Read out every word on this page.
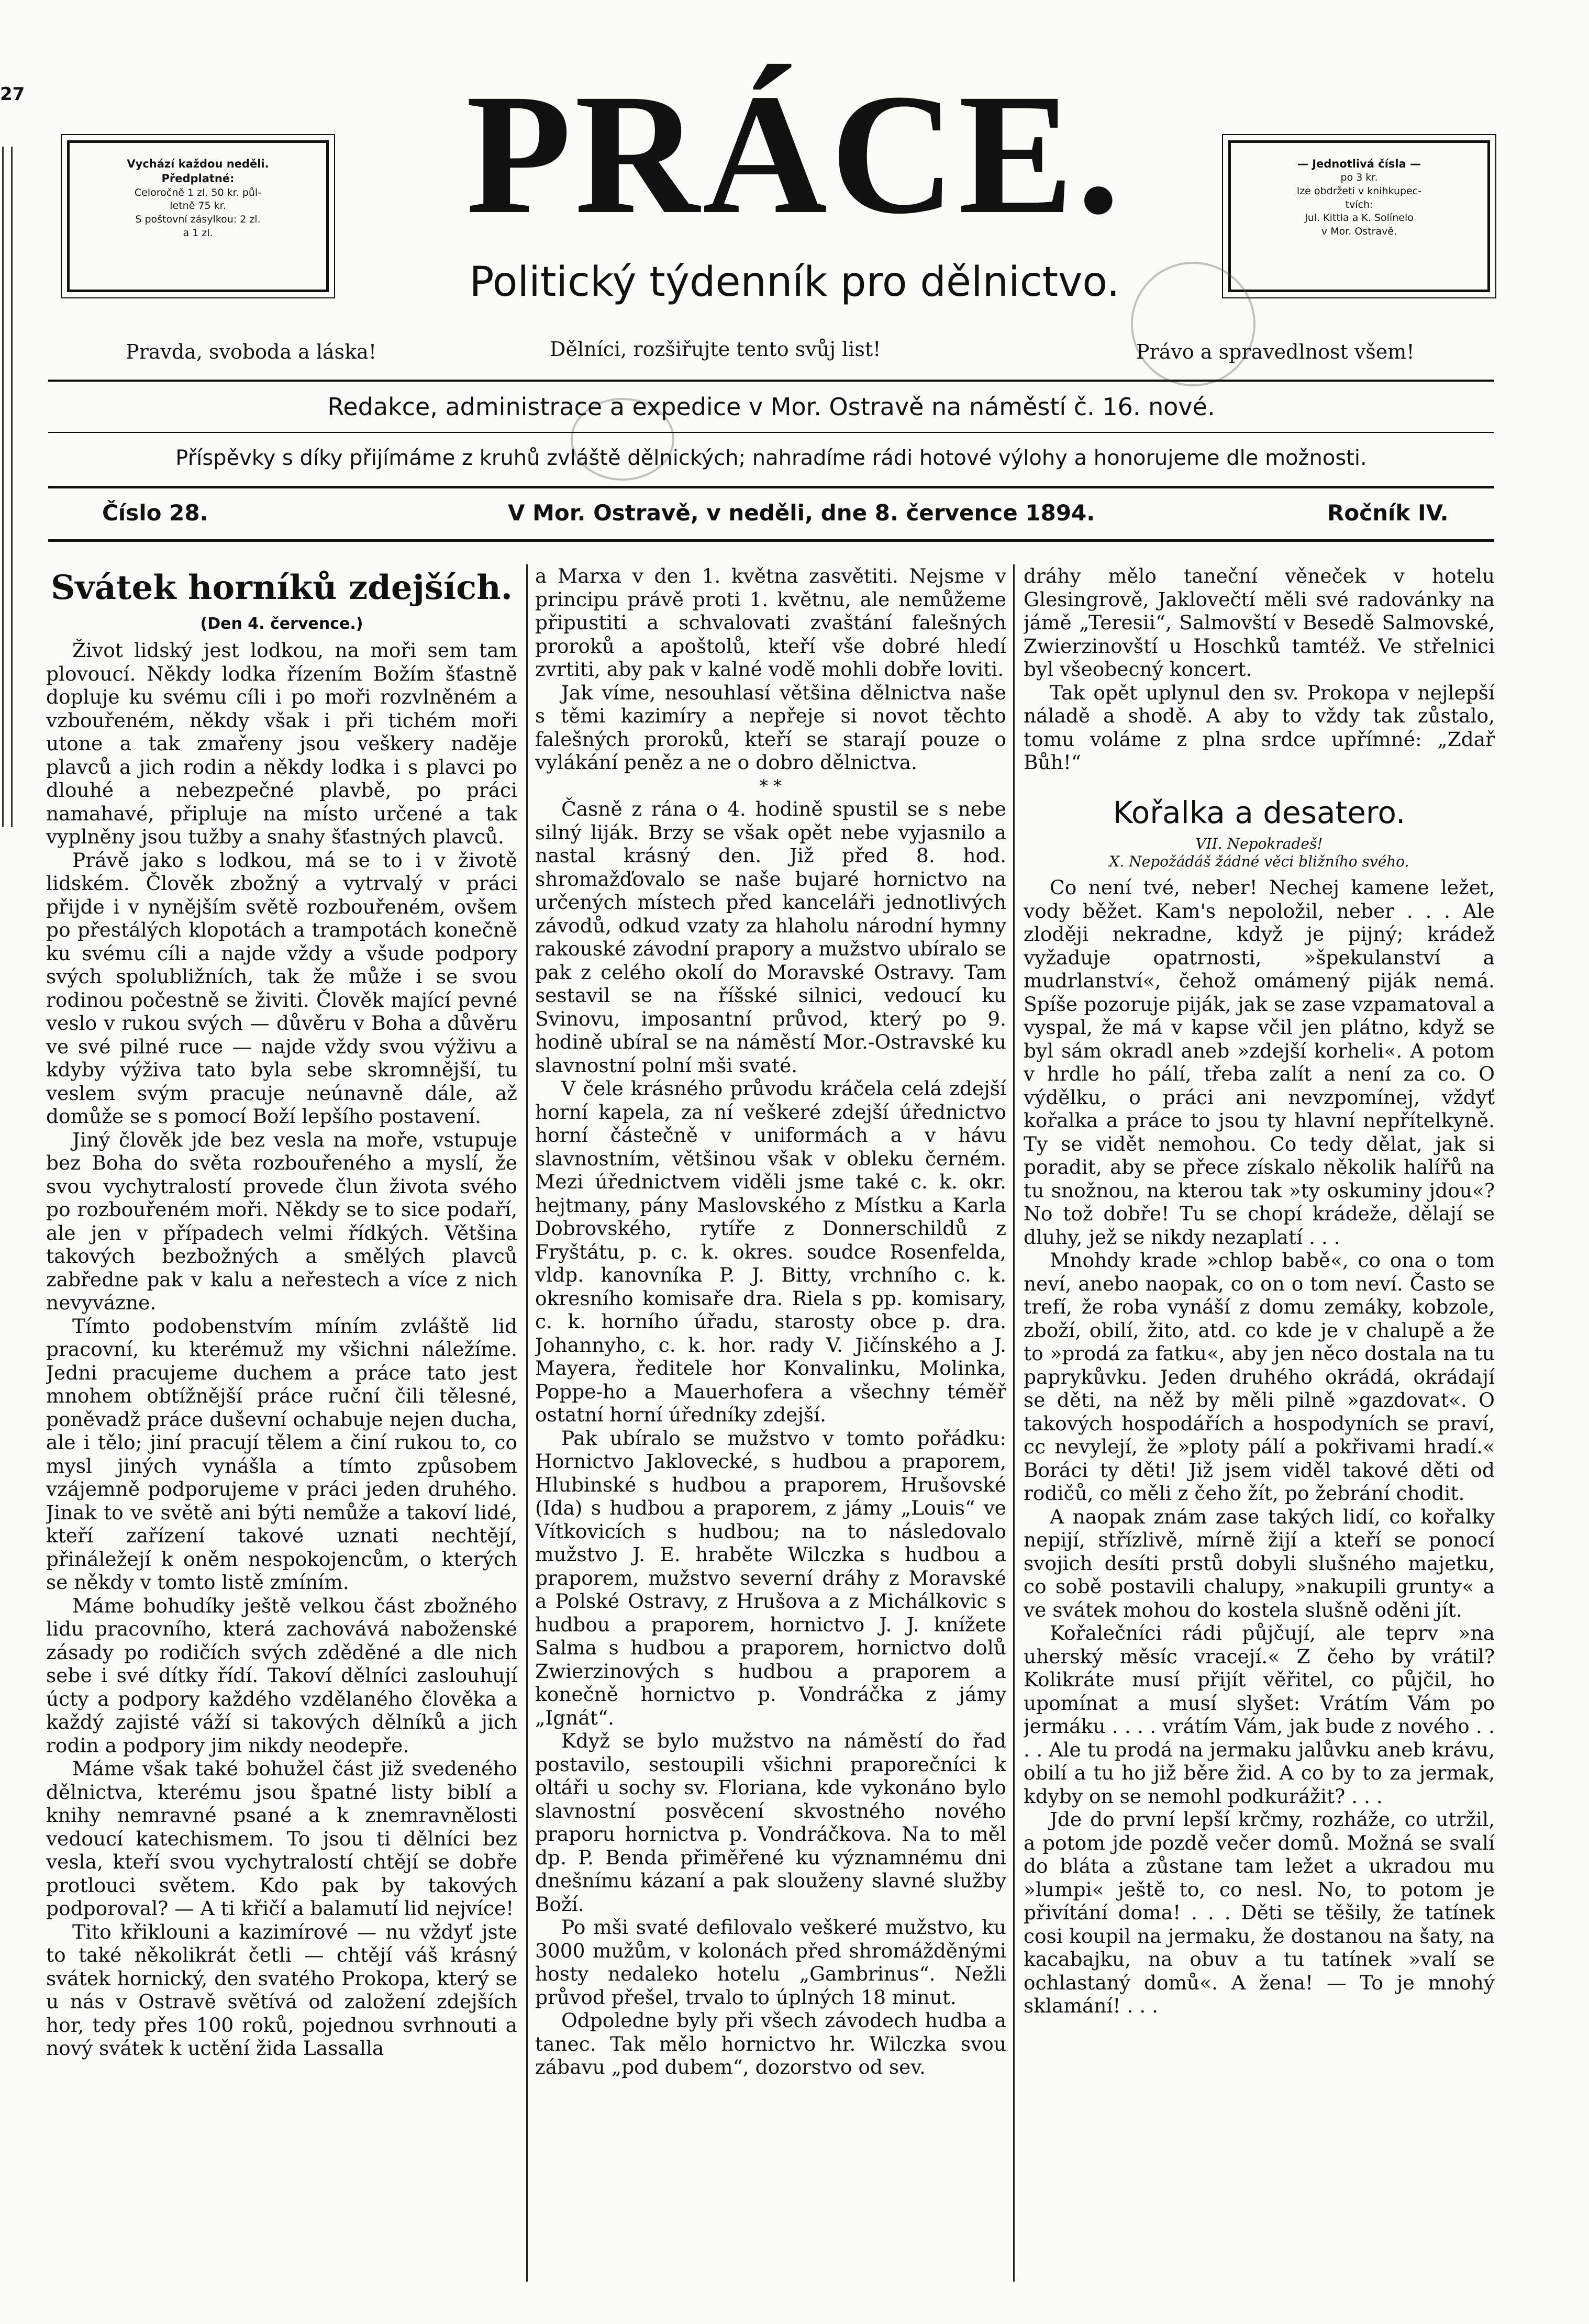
27
Vychází každou neděli.
Předplatné:
Celoročně 1 zl. 50 kr. půl-
letně 75 kr.
S poštovní zásylkou: 2 zl.
a 1 zl.
— Jednotlivá čísla —
po 3 kr.
lze obdržeti v knihkupec-
tvích:
Jul. Kittla a K. Solínelo
v Mor. Ostravě.
PRÁCE.
Politický týdenník pro dělnictvo.
Pravda, svoboda a láska!	Dělníci, rozšiřujte tento svůj list!	Právo a spravedlnost všem!
Redakce, administrace a expedice v Mor. Ostravě na náměstí č. 16. nové.
Příspěvky s díky přijímáme z kruhů zvláště dělnických; nahradíme rádi hotové výlohy a honorujeme dle možnosti.
Číslo 28.	V Mor. Ostravě, v neděli, dne 8. července 1894.	Ročník IV.
Svátek horníků zdejších.
(Den 4. července.)

Život lidský jest lodkou, na moři sem tam plovoucí. Někdy lodka řízením Božím šťastně dopluje ku svému cíli i po moři rozvlněném a vzbouřeném, někdy však i při tichém moři utone a tak zmařeny jsou veškery naděje plavců a jich rodin a někdy lodka i s plavci po dlouhé a nebezpečné plavbě, po práci namahavé, připluje na místo určené a tak vyplněny jsou tužby a snahy šťastných plavců.

Právě jako s lodkou, má se to i v životě lidském. Člověk zbožný a vytrvalý v práci přijde i v nynějším světě rozbouřeném, ovšem po přestálých klopotách a trampotách konečně ku svému cíli a najde vždy a všude podpory svých spolubližních, tak že může i se svou rodinou počestně se živiti. Člověk mající pevné veslo v rukou svých — důvěru v Boha a důvěru ve své pilné ruce — najde vždy svou výživu a kdyby výživa tato byla sebe skromnější, tu veslem svým pracuje neúnavně dále, až domůže se s pomocí Boží lepšího postavení.

Jiný člověk jde bez vesla na moře, vstupuje bez Boha do světa rozbouřeného a myslí, že svou vychytralostí provede člun života svého po rozbouřeném moři. Někdy se to sice podaří, ale jen v případech velmi řídkých. Většina takových bezbožných a smělých plavců zabředne pak v kalu a neřestech a více z nich nevyvázne.

Tímto podobenstvím míním zvláště lid pracovní, ku kterémuž my všichni náležíme. Jedni pracujeme duchem a práce tato jest mnohem obtížnější práce ruční čili tělesné, poněvadž práce duševní ochabuje nejen ducha, ale i tělo; jiní pracují tělem a činí rukou to, co mysl jiných vynášla a tímto způsobem vzájemně podporujeme v práci jeden druhého. Jinak to ve světě ani býti nemůže a takoví lidé, kteří zařízení takové uznati nechtějí, přináležejí k oněm nespokojencům, o kterých se někdy v tomto listě zmíním.

Máme bohudíky ještě velkou část zbožného lidu pracovního, která zachovává naboženské zásady po rodičích svých zděděné a dle nich sebe i své dítky řídí. Takoví dělníci zaslouhují úcty a podpory každého vzdělaného člověka a každý zajisté váží si takových dělníků a jich rodin a podpory jim nikdy neodepře.

Máme však také bohužel část již svedeného dělnictva, kterému jsou špatné listy biblí a knihy nemravné psané a k znemravnělosti vedoucí katechismem. To jsou ti dělníci bez vesla, kteří svou vychytralostí chtějí se dobře protlouci světem. Kdo pak by takových podporoval? — A ti křičí a balamutí lid nejvíce!

Tito křiklouni a kazimírové — nu vždyť jste to také několikrát četli — chtějí váš krásný svátek hornický, den svatého Prokopa, který se u nás v Ostravě světívá od založení zdejších hor, tedy přes 100 roků, pojednou svrhnouti a nový svátek k uctění žida Lassalla

a Marxa v den 1. května zasvětiti. Nejsme v principu právě proti 1. květnu, ale nemůžeme připustiti a schvalovati zvaštání falešných proroků a apoštolů, kteří vše dobré hledí zvrtiti, aby pak v kalné vodě mohli dobře loviti.

Jak víme, nesouhlasí většina dělnictva naše s těmi kazimíry a nepřeje si novot těchto falešných proroků, kteří se starají pouze o vylákání peněz a ne o dobro dělnictva.

* *

Časně z rána o 4. hodině spustil se s nebe silný liják. Brzy se však opět nebe vyjasnilo a nastal krásný den. Již před 8. hod. shromažďovalo se naše bujaré hornictvo na určených místech před kanceláři jednotlivých závodů, odkud vzaty za hlaholu národní hymny rakouské závodní prapory a mužstvo ubíralo se pak z celého okolí do Moravské Ostravy. Tam sestavil se na říšské silnici, vedoucí ku Svinovu, imposantní průvod, který po 9. hodině ubíral se na náměstí Mor.-Ostravské ku slavnostní polní mši svaté.

V čele krásného průvodu kráčela celá zdejší horní kapela, za ní veškeré zdejší úřednictvo horní částečně v uniformách a v hávu slavnostním, většinou však v obleku černém. Mezi úřednictvem viděli jsme také c. k. okr. hejtmany, pány Maslovského z Místku a Karla Dobrovského, rytíře z Donnerschildů z Fryštátu, p. c. k. okres. soudce Rosenfelda, vldp. kanovníka P. J. Bitty, vrchního c. k. okresního komisaře dra. Riela s pp. komisary, c. k. horního úřadu, starosty obce p. dra. Johannyho, c. k. hor. rady V. Jičínského a J. Mayera, ředitele hor Konvalinku, Molinka, Poppe-ho a Mauerhofera a všechny téměř ostatní horní úředníky zdejší.

Pak ubíralo se mužstvo v tomto pořádku: Hornictvo Jaklovecké, s hudbou a praporem, Hlubinské s hudbou a praporem, Hrušovské (Ida) s hudbou a praporem, z jámy „Louis“ ve Vítkovicích s hudbou; na to následovalo mužstvo J. E. hraběte Wilczka s hudbou a praporem, mužstvo severní dráhy z Moravské a Polské Ostravy, z Hrušova a z Michálkovic s hudbou a praporem, hornictvo J. J. knížete Salma s hudbou a praporem, hornictvo dolů Zwierzinových s hudbou a praporem a konečně hornictvo p. Vondráčka z jámy „Ignát“.

Když se bylo mužstvo na náměstí do řad postavilo, sestoupili všichni praporečníci k oltáři u sochy sv. Floriana, kde vykonáno bylo slavnostní posvěcení skvostného nového praporu hornictva p. Vondráčkova. Na to měl dp. P. Benda přiměřené ku významnému dni dnešnímu kázaní a pak slouženy slavné služby Boží.

Po mši svaté defilovalo veškeré mužstvo, ku 3000 mužům, v kolonách před shromážděnými hosty nedaleko hotelu „Gambrinus“. Nežli průvod přešel, trvalo to úplných 18 minut.

Odpoledne byly při všech závodech hudba a tanec. Tak mělo hornictvo hr. Wilczka svou zábavu „pod dubem“, dozorstvo od sev.

dráhy mělo taneční věneček v hotelu Glesingrově, Jaklovečtí měli své radovánky na jámě „Teresii“, Salmovští v Besedě Salmovské, Zwierzinovští u Hoschků tamtéž. Ve střelnici byl všeobecný koncert.

Tak opět uplynul den sv. Prokopa v nejlepší náladě a shodě. A aby to vždy tak zůstalo, tomu voláme z plna srdce upřímné: „Zdař Bůh!“

Kořalka a desatero.
VII. Nepokradeš!
X. Nepožádáš žádné věci bližního svého.

Co není tvé, neber! Nechej kamene ležet, vody běžet. Kam's nepoložil, neber . . . Ale zloději nekradne, když je pijný; krádež vyžaduje opatrnosti, »špekulanství a mudrlanství«, čehož omámený piják nemá. Spíše pozoruje piják, jak se zase vzpamatoval a vyspal, že má v kapse včil jen plátno, když se byl sám okradl aneb »zdejší korheli«. A potom v hrdle ho pálí, třeba zalít a není za co. O výdělku, o práci ani nevzpomínej, vždyť kořalka a práce to jsou ty hlavní nepřítelkyně. Ty se vidět nemohou. Co tedy dělat, jak si poradit, aby se přece získalo několik halířů na tu snožnou, na kterou tak »ty oskuminy jdou«? No tož dobře! Tu se chopí krádeže, dělají se dluhy, jež se nikdy nezaplatí . . .

Mnohdy krade »chlop babě«, co ona o tom neví, anebo naopak, co on o tom neví. Často se trefí, že roba vynáší z domu zemáky, kobzole, zboží, obilí, žito, atd. co kde je v chalupě a že to »prodá za fatku«, aby jen něco dostala na tu paprykůvku. Jeden druhého okrádá, okrádají se děti, na něž by měli pilně »gazdovat«. O takových hospodářích a hospodyních se praví, cc nevylejí, že »ploty pálí a pokřivami hradí.« Boráci ty děti! Již jsem viděl takové děti od rodičů, co měli z čeho žít, po žebrání chodit.

A naopak znám zase takých lidí, co kořalky nepijí, střízlivě, mírně žijí a kteří se ponocí svojich desíti prstů dobyli slušného majetku, co sobě postavili chalupy, »nakupili grunty« a ve svátek mohou do kostela slušně oděni jít.

Kořalečníci rádi půjčují, ale teprv »na uherský měsíc vracejí.« Z čeho by vrátil? Kolikráte musí přijít věřitel, co půjčil, ho upomínat a musí slyšet: Vrátím Vám po jermáku . . . . vrátím Vám, jak bude z nového . . . . Ale tu prodá na jermaku jalůvku aneb krávu, obilí a tu ho již běre žid. A co by to za jermak, kdyby on se nemohl podkurážit? . . .

Jde do první lepší krčmy, rozháže, co utržil, a potom jde pozdě večer domů. Možná se svalí do bláta a zůstane tam ležet a ukradou mu »lumpi« ještě to, co nesl. No, to potom je přivítání doma! . . . Děti se těšily, že tatínek cosi koupil na jermaku, že dostanou na šaty, na kacabajku, na obuv a tu tatínek »valí se ochlastaný domů«. A žena! — To je mnohý sklamání! . . .
